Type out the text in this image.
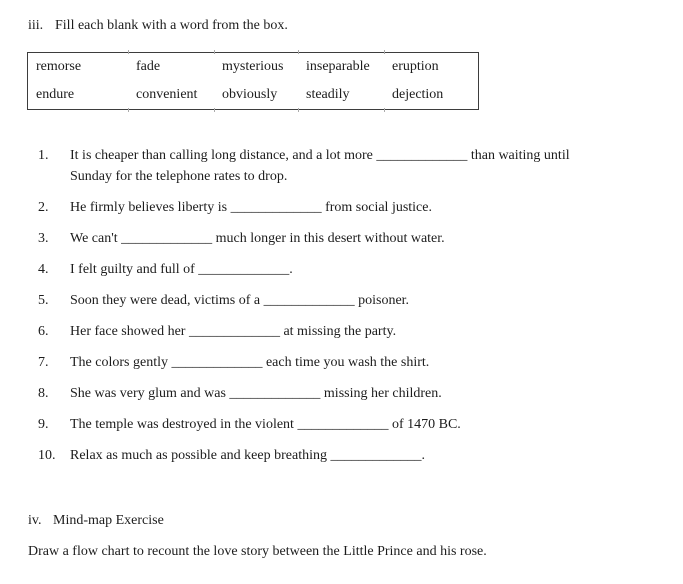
iii. Fill each blank with a word from the box.
remorse	fade	mysterious	inseparable	eruption
endure	convenient	obviously	steadily	dejection
1.	It is cheaper than calling long distance, and a lot more _____________ than waiting until
Sunday for the telephone rates to drop.
2.	He firmly believes liberty is _____________ from social justice.
3.	We can't _____________ much longer in this desert without water.
4.	I felt guilty and full of _____________.
5.	Soon they were dead, victims of a _____________ poisoner.
6.	Her face showed her _____________ at missing the party.
7.	The colors gently _____________ each time you wash the shirt.
8.	She was very glum and was _____________ missing her children.
9.	The temple was destroyed in the violent _____________ of 1470 BC.
10.	Relax as much as possible and keep breathing _____________.
iv. Mind-map Exercise
Draw a flow chart to recount the love story between the Little Prince and his rose.
